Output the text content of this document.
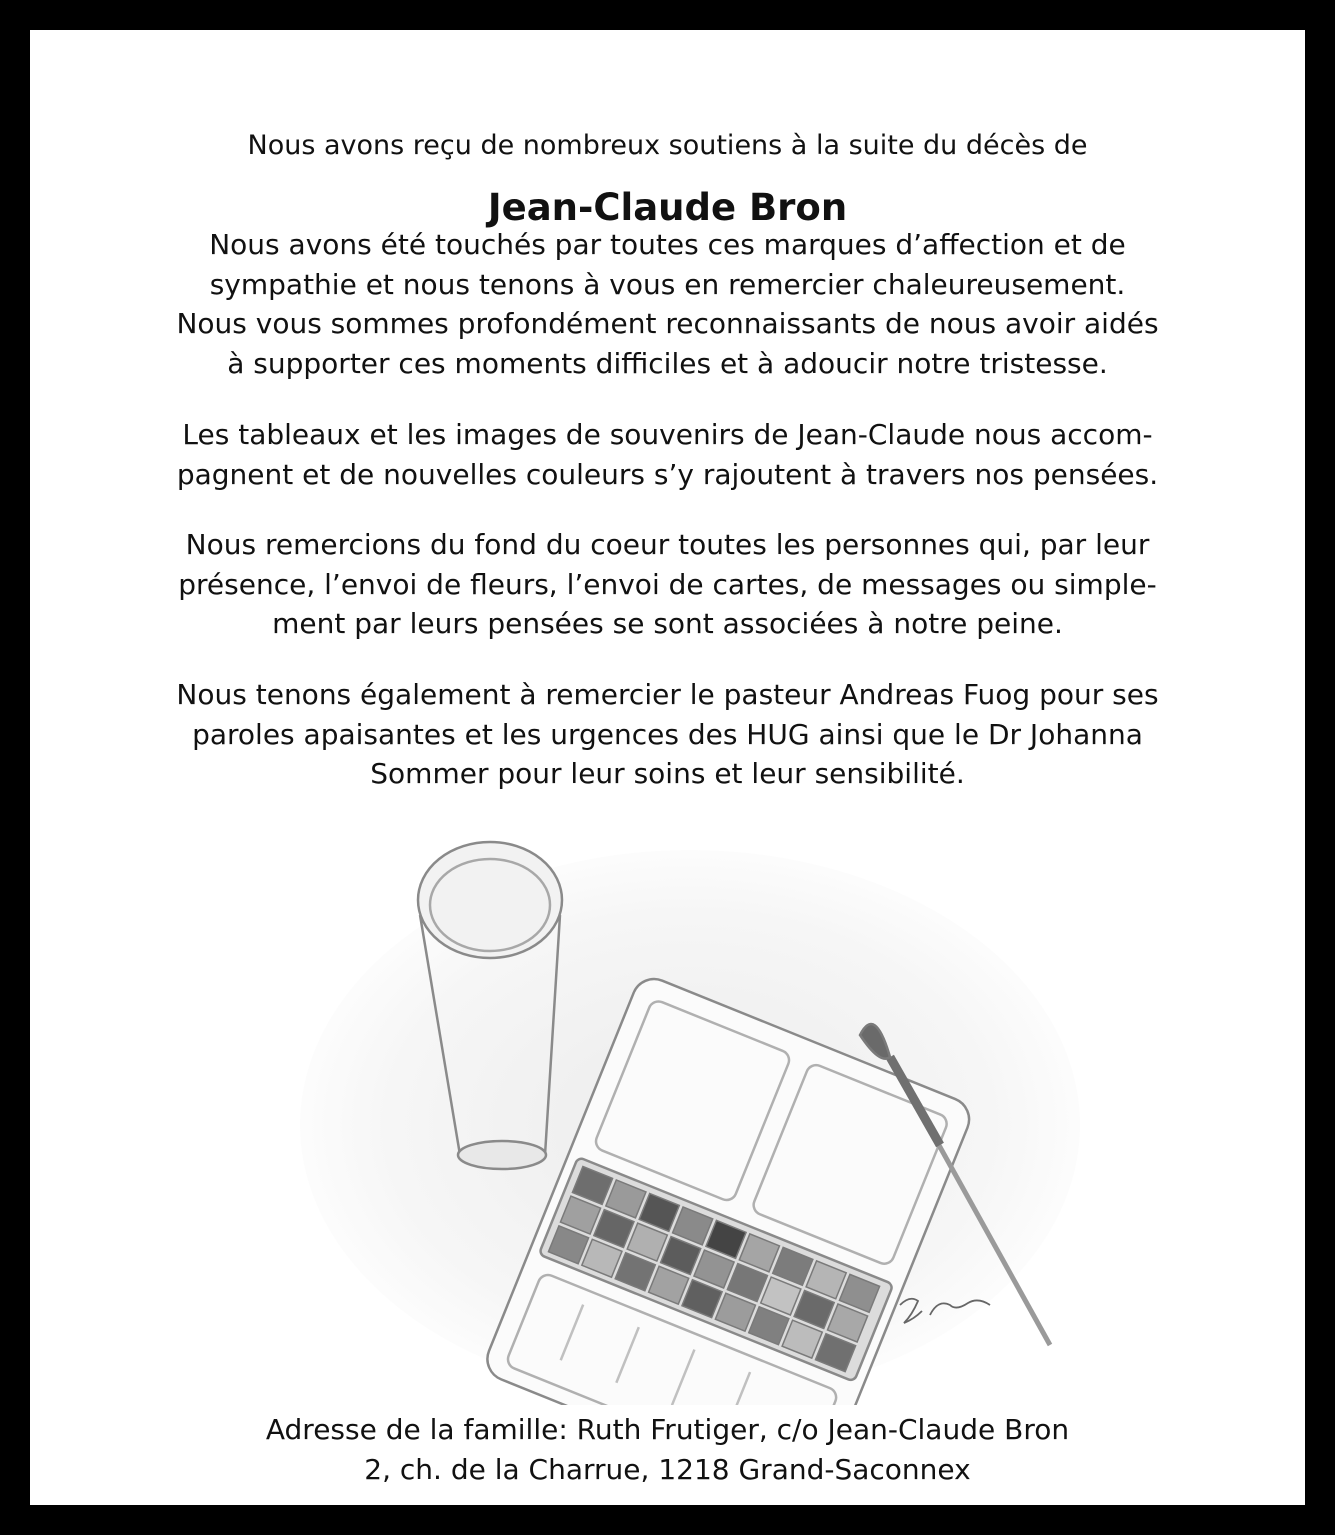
Nous avons reçu de nombreux soutiens à la suite du décès de
Jean-Claude Bron
Nous avons été touchés par toutes ces marques d’affection et de
sympathie et nous tenons à vous en remercier chaleureusement.
Nous vous sommes profondément reconnaissants de nous avoir aidés
à supporter ces moments difficiles et à adoucir notre tristesse.
Les tableaux et les images de souvenirs de Jean-Claude nous accom-
pagnent et de nouvelles couleurs s’y rajoutent à travers nos pensées.
Nous remercions du fond du coeur toutes les personnes qui, par leur
présence, l’envoi de fleurs, l’envoi de cartes, de messages ou simple-
ment par leurs pensées se sont associées à notre peine.
Nous tenons également à remercier le pasteur Andreas Fuog pour ses
paroles apaisantes et les urgences des HUG ainsi que le Dr Johanna
Sommer pour leur soins et leur sensibilité.
Adresse de la famille: Ruth Frutiger, c/o Jean-Claude Bron
2, ch. de la Charrue, 1218 Grand-Saconnex
